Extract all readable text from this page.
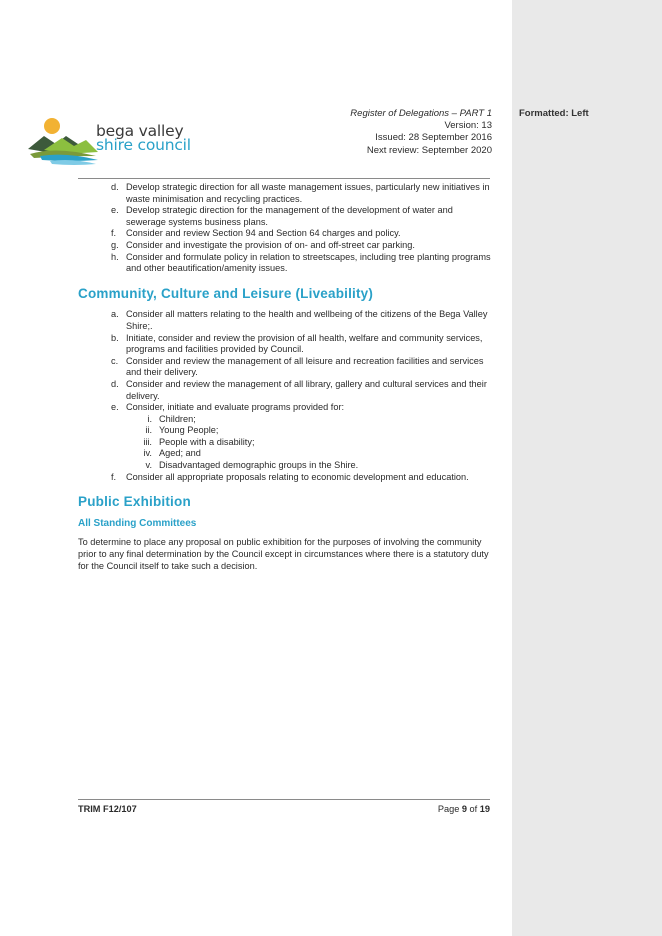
Formatted: Left
bega valley
shire council
Register of Delegations – PART 1
Version: 13
Issued: 28 September 2016
Next review: September 2020
d. Develop strategic direction for all waste management issues, particularly new initiatives in waste minimisation and recycling practices.
e. Develop strategic direction for the management of the development of water and sewerage systems business plans.
f. Consider and review Section 94 and Section 64 charges and policy.
g. Consider and investigate the provision of on- and off-street car parking.
h. Consider and formulate policy in relation to streetscapes, including tree planting programs and other beautification/amenity issues.
Community, Culture and Leisure (Liveability)
a. Consider all matters relating to the health and wellbeing of the citizens of the Bega Valley Shire;.
b. Initiate, consider and review the provision of all health, welfare and community services, programs and facilities provided by Council.
c. Consider and review the management of all leisure and recreation facilities and services and their delivery.
d. Consider and review the management of all library, gallery and cultural services and their delivery.
e. Consider, initiate and evaluate programs provided for:
i. Children;
ii. Young People;
iii. People with a disability;
iv. Aged; and
v. Disadvantaged demographic groups in the Shire.
f. Consider all appropriate proposals relating to economic development and education.
Public Exhibition
All Standing Committees

To determine to place any proposal on public exhibition for the purposes of involving the community prior to any final determination by the Council except in circumstances where there is a statutory duty for the Council itself to take such a decision.

TRIM F12/107	Page 9 of 19
